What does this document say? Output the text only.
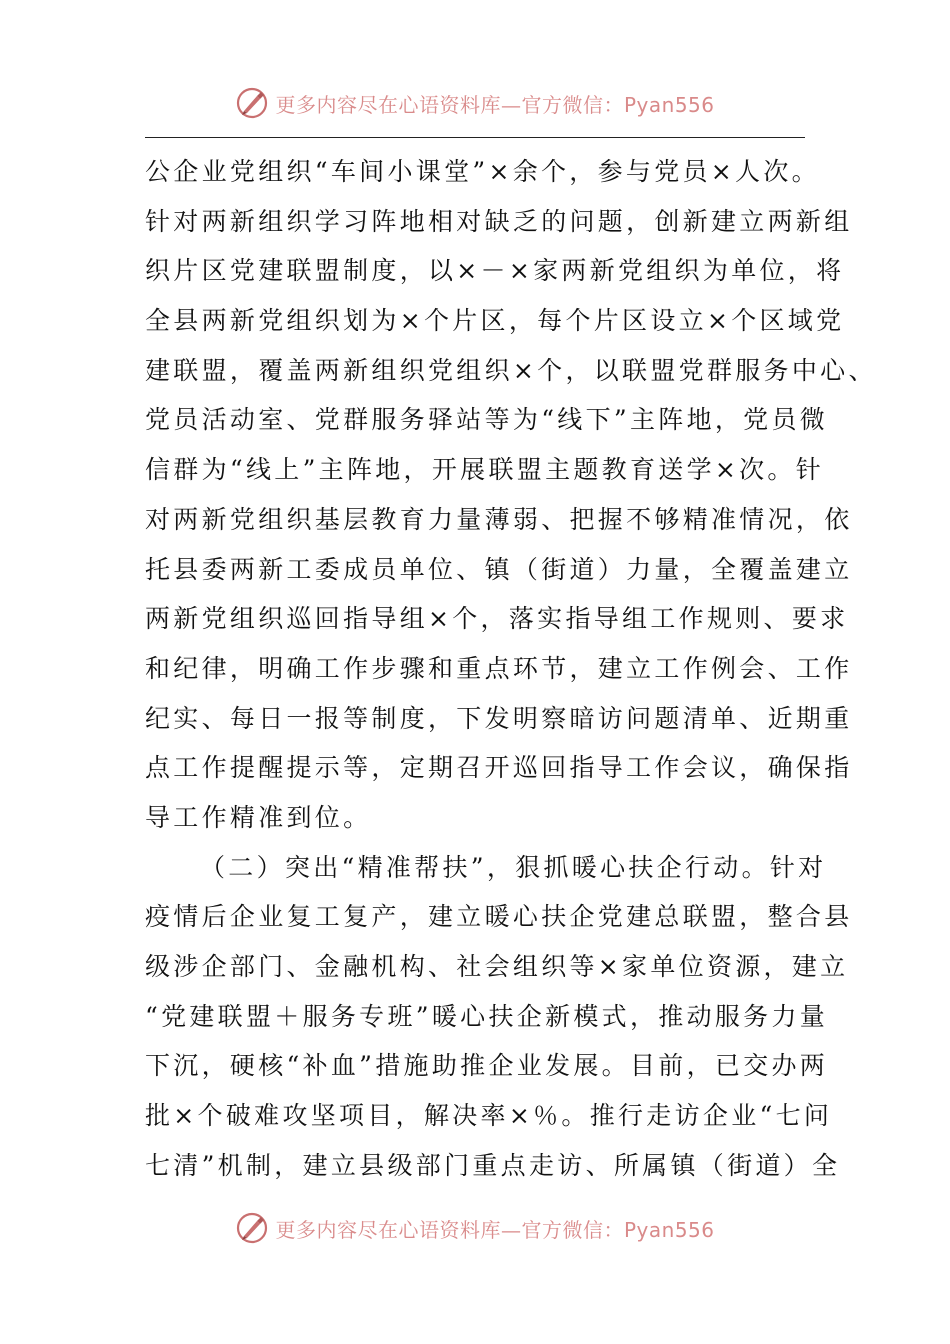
更多内容尽在心语资料库—官方微信：Pyan556
公企业党组织“车间小课堂”×余个，参与党员×人次。
针对两新组织学习阵地相对缺乏的问题，创新建立两新组
织片区党建联盟制度，以×－×家两新党组织为单位，将
全县两新党组织划为×个片区，每个片区设立×个区域党
建联盟，覆盖两新组织党组织×个，以联盟党群服务中心、
党员活动室、党群服务驿站等为“线下”主阵地，党员微
信群为“线上”主阵地，开展联盟主题教育送学×次。针
对两新党组织基层教育力量薄弱、把握不够精准情况，依
托县委两新工委成员单位、镇（街道）力量，全覆盖建立
两新党组织巡回指导组×个，落实指导组工作规则、要求
和纪律，明确工作步骤和重点环节，建立工作例会、工作
纪实、每日一报等制度，下发明察暗访问题清单、近期重
点工作提醒提示等，定期召开巡回指导工作会议，确保指
导工作精准到位。
（二）突出“精准帮扶”，狠抓暖心扶企行动。针对
疫情后企业复工复产，建立暖心扶企党建总联盟，整合县
级涉企部门、金融机构、社会组织等×家单位资源，建立
“党建联盟＋服务专班”暖心扶企新模式，推动服务力量
下沉，硬核“补血”措施助推企业发展。目前，已交办两
批×个破难攻坚项目，解决率×％。推行走访企业“七问
七清”机制，建立县级部门重点走访、所属镇（街道）全
更多内容尽在心语资料库—官方微信：Pyan556
